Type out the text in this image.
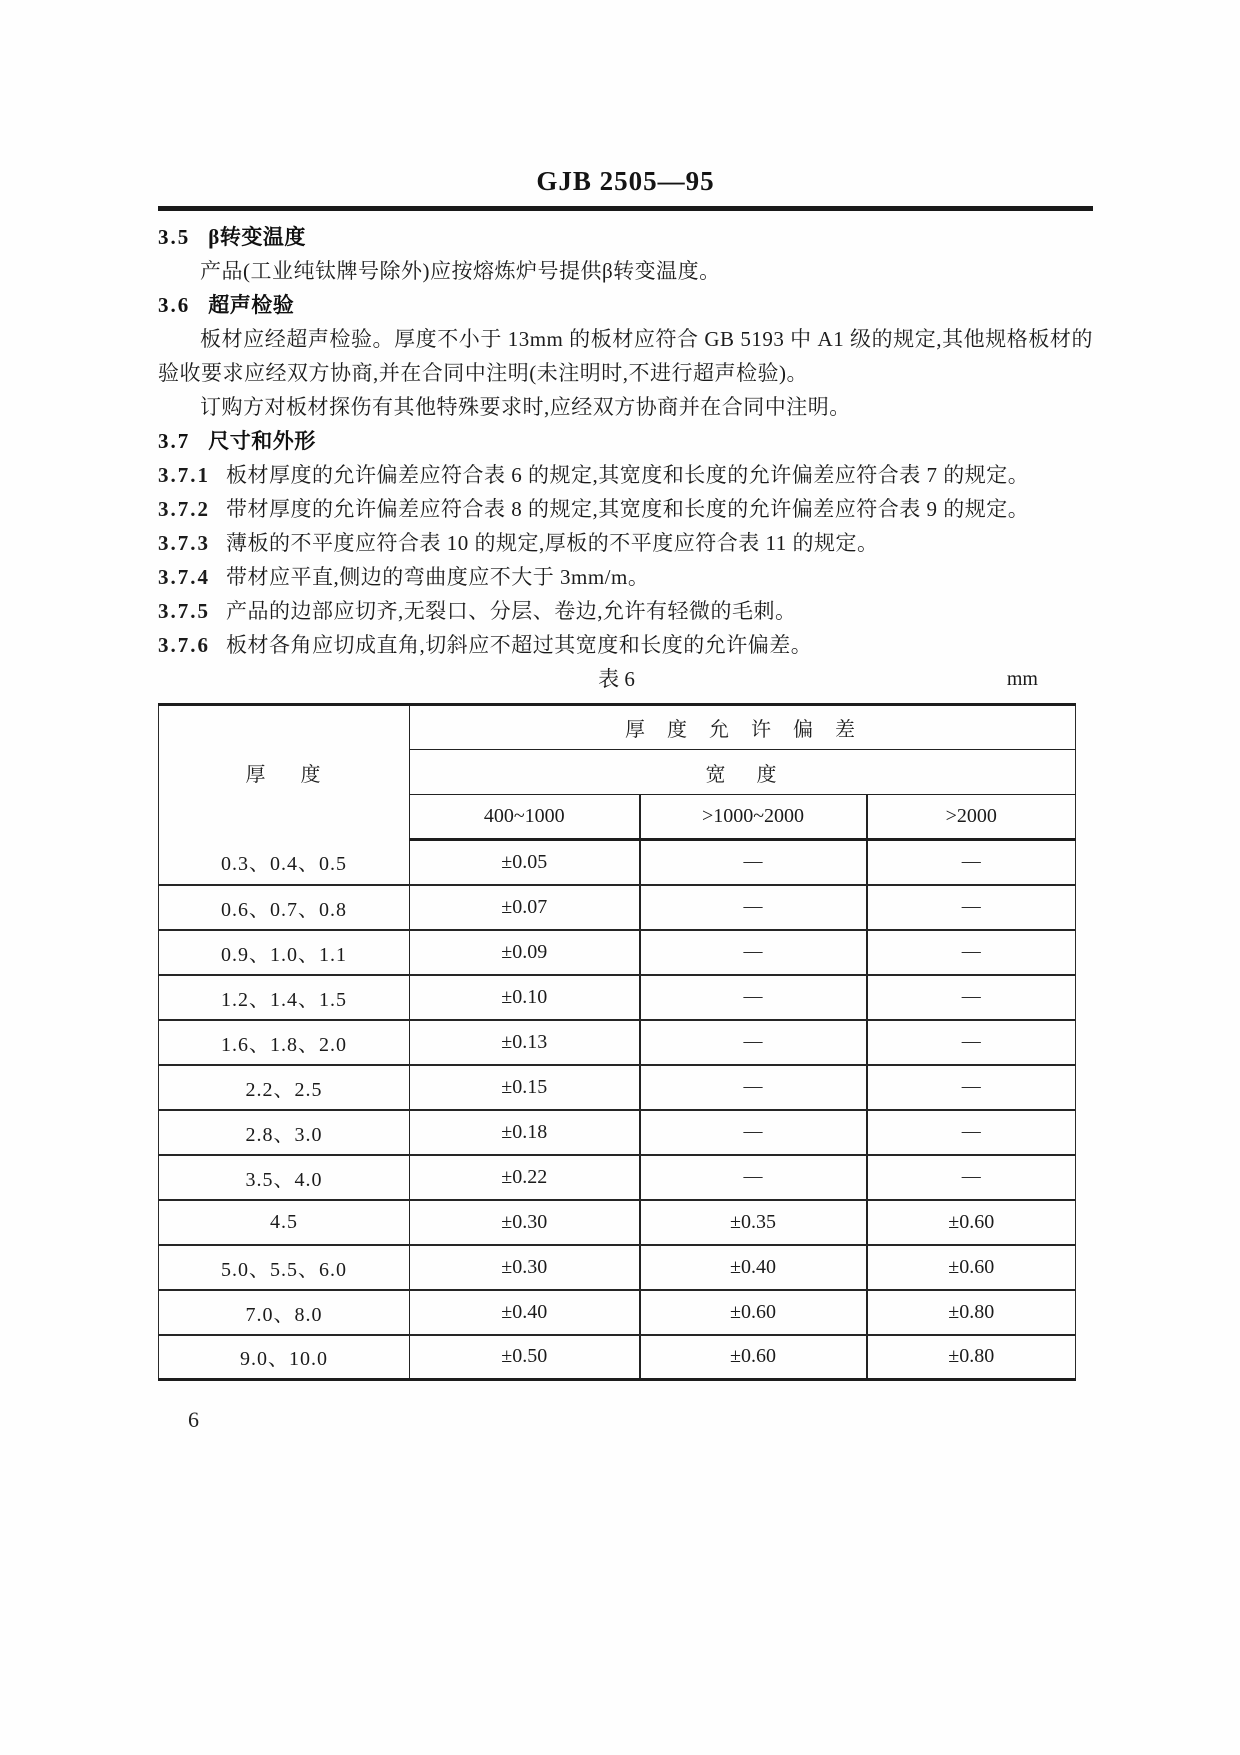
GJB 2505—95

3.5 β转变温度

产品(工业纯钛牌号除外)应按熔炼炉号提供β转变温度。

3.6 超声检验

板材应经超声检验。厚度不小于 13mm 的板材应符合 GB 5193 中 A1 级的规定,其他规格板材的验收要求应经双方协商,并在合同中注明(未注明时,不进行超声检验)。

订购方对板材探伤有其他特殊要求时,应经双方协商并在合同中注明。

3.7 尺寸和外形

3.7.1 板材厚度的允许偏差应符合表 6 的规定,其宽度和长度的允许偏差应符合表 7 的规定。

3.7.2 带材厚度的允许偏差应符合表 8 的规定,其宽度和长度的允许偏差应符合表 9 的规定。

3.7.3 薄板的不平度应符合表 10 的规定,厚板的不平度应符合表 11 的规定。

3.7.4 带材应平直,侧边的弯曲度应不大于 3mm/m。

3.7.5 产品的边部应切齐,无裂口、分层、卷边,允许有轻微的毛刺。

3.7.6 板材各角应切成直角,切斜应不超过其宽度和长度的允许偏差。

表 6	mm
厚 度	厚 度 允 许 偏 差		
	宽 度		
	400~1000	>1000~2000	>2000
0.3、0.4、0.5	±0.05	—	—
0.6、0.7、0.8	±0.07	—	—
0.9、1.0、1.1	±0.09	—	—
1.2、1.4、1.5	±0.10	—	—
1.6、1.8、2.0	±0.13	—	—
2.2、2.5	±0.15	—	—
2.8、3.0	±0.18	—	—
3.5、4.0	±0.22	—	—
4.5	±0.30	±0.35	±0.60
5.0、5.5、6.0	±0.30	±0.40	±0.60
7.0、8.0	±0.40	±0.60	±0.80
9.0、10.0	±0.50	±0.60	±0.80
6
